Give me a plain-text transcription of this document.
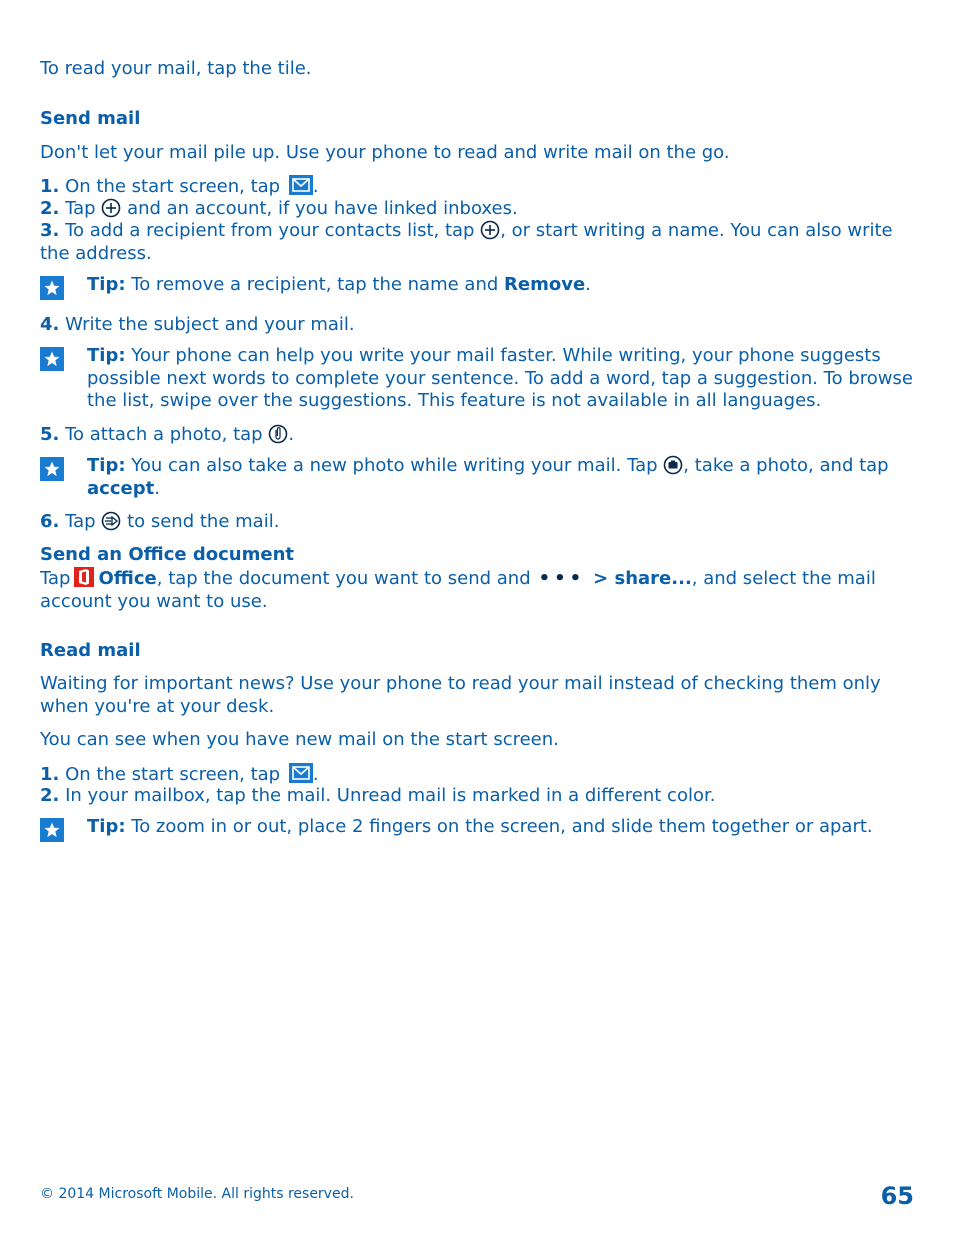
To read your mail, tap the tile.
Send mail
Don't let your mail pile up. Use your phone to read and write mail on the go.
1. On the start screen, tap .
2. Tap and an account, if you have linked inboxes.
3. To add a recipient from your contacts list, tap , or start writing a name. You can also write the address.
Tip: To remove a recipient, tap the name and Remove.
4. Write the subject and your mail.
Tip: Your phone can help you write your mail faster. While writing, your phone suggests possible next words to complete your sentence. To add a word, tap a suggestion. To browse the list, swipe over the suggestions. This feature is not available in all languages.
5. To attach a photo, tap .
Tip: You can also take a new photo while writing your mail. Tap , take a photo, and tap accept.
6. Tap to send the mail.
Send an Office document
Tap Office, tap the document you want to send and ••• > share..., and select the mail account you want to use.
Read mail
Waiting for important news? Use your phone to read your mail instead of checking them only when you're at your desk.
You can see when you have new mail on the start screen.
1. On the start screen, tap .
2. In your mailbox, tap the mail. Unread mail is marked in a different color.
Tip: To zoom in or out, place 2 fingers on the screen, and slide them together or apart.
© 2014 Microsoft Mobile. All rights reserved.	65
